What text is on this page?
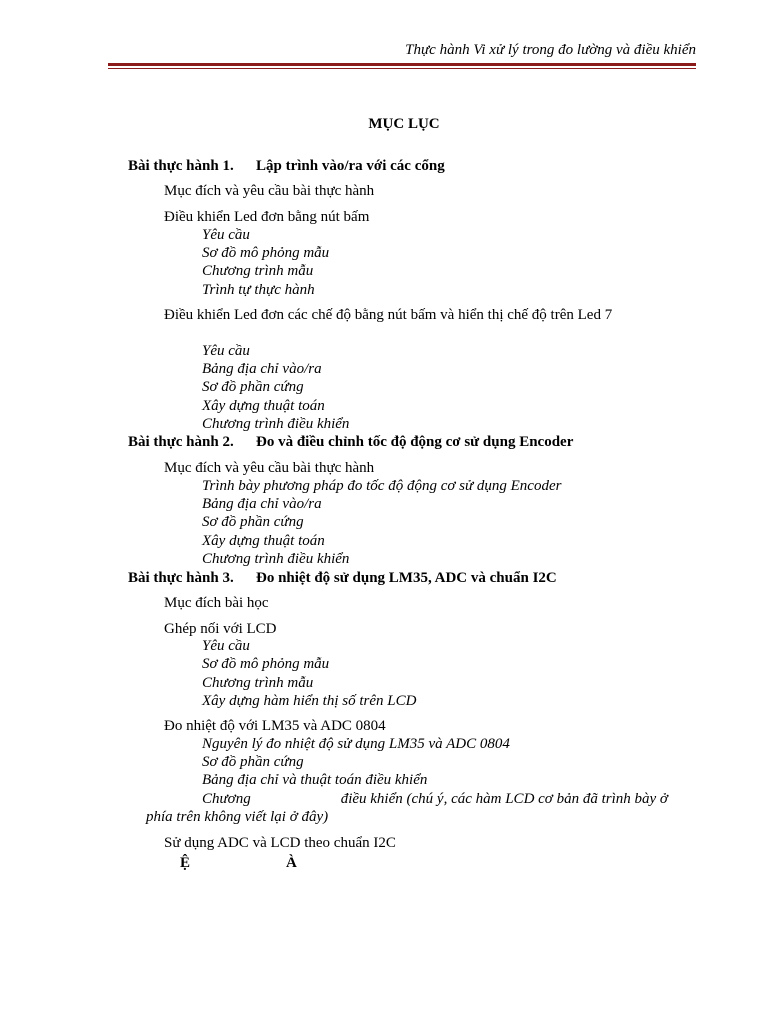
Thực hành Vi xử lý trong đo lường và điều khiển
MỤC LỤC
Bài thực hành 1. Lập trình vào/ra với các cổng
Mục đích và yêu cầu bài thực hành
Điều khiển Led đơn bằng nút bấm
Yêu cầu
Sơ đồ mô phỏng mẫu
Chương trình mẫu
Trình tự thực hành
Điều khiển Led đơn các chế độ bằng nút bấm và hiển thị chế độ trên Led 7
Yêu cầu
Bảng địa chỉ vào/ra
Sơ đồ phần cứng
Xây dựng thuật toán
Chương trình điều khiển
Bài thực hành 2. Đo và điều chỉnh tốc độ động cơ sử dụng Encoder
Mục đích và yêu cầu bài thực hành
Trình bày phương pháp đo tốc độ động cơ sử dụng Encoder
Bảng địa chỉ vào/ra
Sơ đồ phần cứng
Xây dựng thuật toán
Chương trình điều khiển
Bài thực hành 3. Đo nhiệt độ sử dụng LM35, ADC và chuẩn I2C
Mục đích bài học
Ghép nối với LCD
Yêu cầu
Sơ đồ mô phỏng mẫu
Chương trình mẫu
Xây dựng hàm hiển thị số trên LCD
Đo nhiệt độ với LM35 và ADC 0804
Nguyên lý đo nhiệt độ sử dụng LM35 và ADC 0804
Sơ đồ phần cứng
Bảng địa chỉ và thuật toán điều khiển
Chương	điều khiển (chú ý, các hàm LCD cơ bản đã trình bày ở
phía trên không viết lại ở đây)
Sử dụng ADC và LCD theo chuẩn I2C
Ệ	À
